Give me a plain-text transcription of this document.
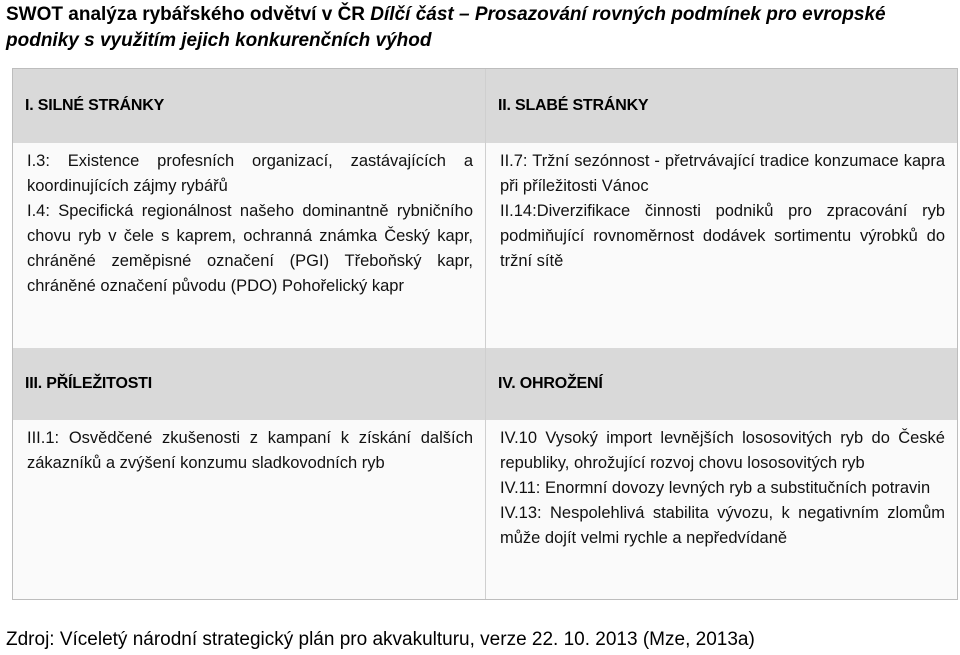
SWOT analýza rybářského odvětví v ČR Dílčí část – Prosazování rovných podmínek pro evropské podniky s využitím jejich konkurenčních výhod
I. SILNÉ STRÁNKY

I.3: Existence profesních organizací, zastávajících a koordinujících zájmy rybářů

I.4: Specifická regionálnost našeho dominantně rybničního chovu ryb v čele s kaprem, ochranná známka Český kapr, chráněné zeměpisné označení (PGI) Třeboňský kapr, chráněné označení původu (PDO) Pohořelický kapr

II. SLABÉ STRÁNKY

II.7: Tržní sezónnost - přetrvávající tradice konzumace kapra při příležitosti Vánoc

II.14:Diverzifikace činnosti podniků pro zpracování ryb podmiňující rovnoměrnost dodávek sortimentu výrobků do tržní sítě

III. PŘÍLEŽITOSTI

III.1: Osvědčené zkušenosti z kampaní k získání dalších zákazníků a zvýšení konzumu sladkovodních ryb

IV. OHROŽENÍ

IV.10 Vysoký import levnějších lososovitých ryb do České republiky, ohrožující rozvoj chovu lososovitých ryb

IV.11: Enormní dovozy levných ryb a substitučních potravin

IV.13: Nespolehlivá stabilita vývozu, k negativním zlomům může dojít velmi rychle a nepředvídaně

Zdroj: Víceletý národní strategický plán pro akvakulturu, verze 22. 10. 2013 (Mze, 2013a)
